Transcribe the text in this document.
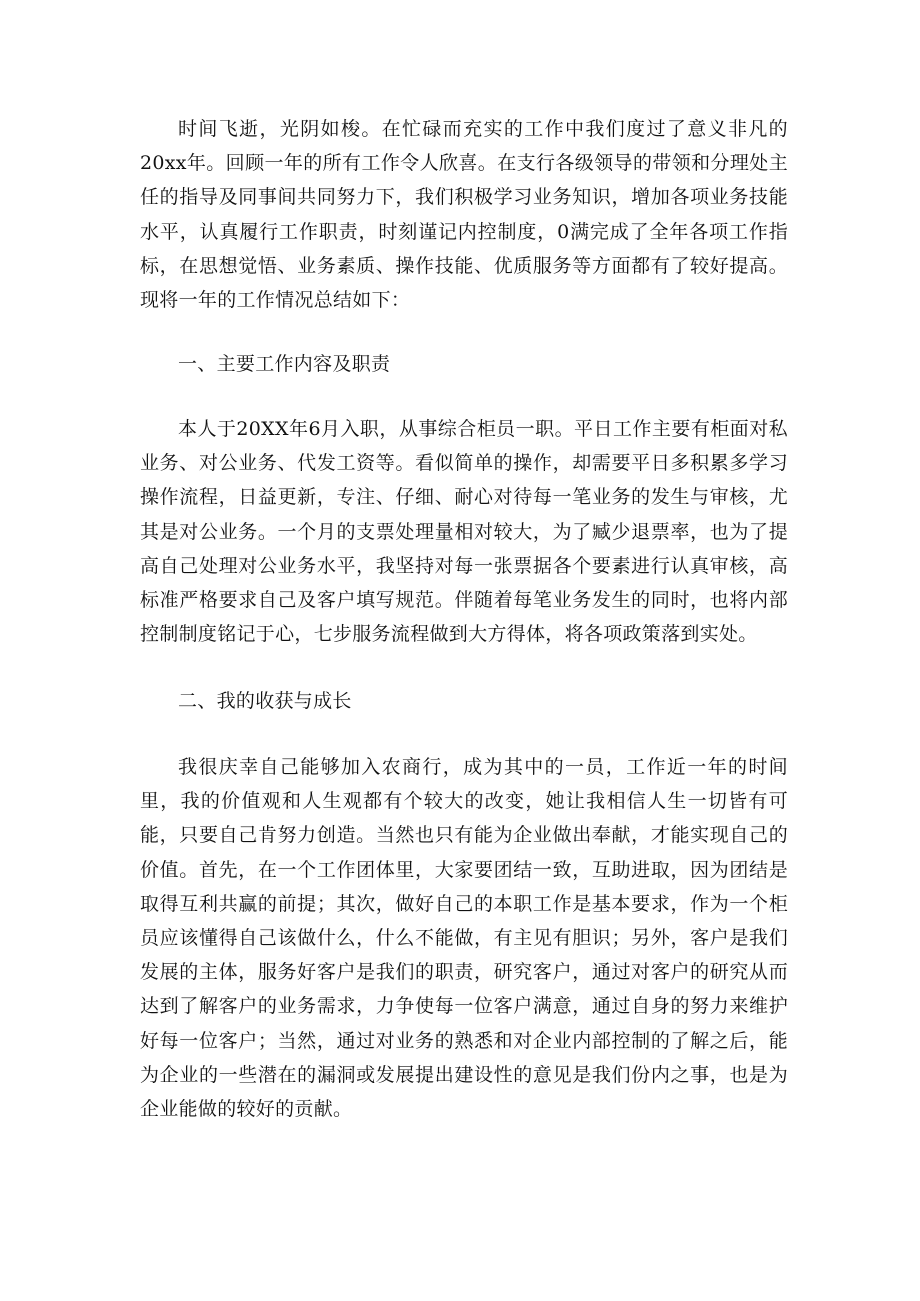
时间飞逝，光阴如梭。在忙碌而充实的工作中我们度过了意义非凡的20xx年。回顾一年的所有工作令人欣喜。在支行各级领导的带领和分理处主任的指导及同事间共同努力下，我们积极学习业务知识，增加各项业务技能水平，认真履行工作职责，时刻谨记内控制度，0满完成了全年各项工作指标，在思想觉悟、业务素质、操作技能、优质服务等方面都有了较好提高。现将一年的工作情况总结如下：

一、主要工作内容及职责

本人于20XX年6月入职，从事综合柜员一职。平日工作主要有柜面对私业务、对公业务、代发工资等。看似简单的操作，却需要平日多积累多学习操作流程，日益更新，专注、仔细、耐心对待每一笔业务的发生与审核，尤其是对公业务。一个月的支票处理量相对较大，为了臧少退票率，也为了提高自己处理对公业务水平，我坚持对每一张票据各个要素进行认真审核，高标准严格要求自己及客户填写规范。伴随着每笔业务发生的同时，也将内部控制制度铭记于心，七步服务流程做到大方得体，将各项政策落到实处。

二、我的收获与成长

我很庆幸自己能够加入农商行，成为其中的一员，工作近一年的时间里，我的价值观和人生观都有个较大的改变，她让我相信人生一切皆有可能，只要自己肯努力创造。当然也只有能为企业做出奉献，才能实现自己的价值。首先，在一个工作团体里，大家要团结一致，互助进取，因为团结是取得互利共赢的前提；其次，做好自己的本职工作是基本要求，作为一个柜员应该懂得自己该做什么，什么不能做，有主见有胆识；另外，客户是我们发展的主体，服务好客户是我们的职责，研究客户，通过对客户的研究从而达到了解客户的业务需求，力争使每一位客户满意，通过自身的努力来维护好每一位客户；当然，通过对业务的熟悉和对企业内部控制的了解之后，能为企业的一些潜在的漏洞或发展提出建设性的意见是我们份内之事，也是为企业能做的较好的贡献。
